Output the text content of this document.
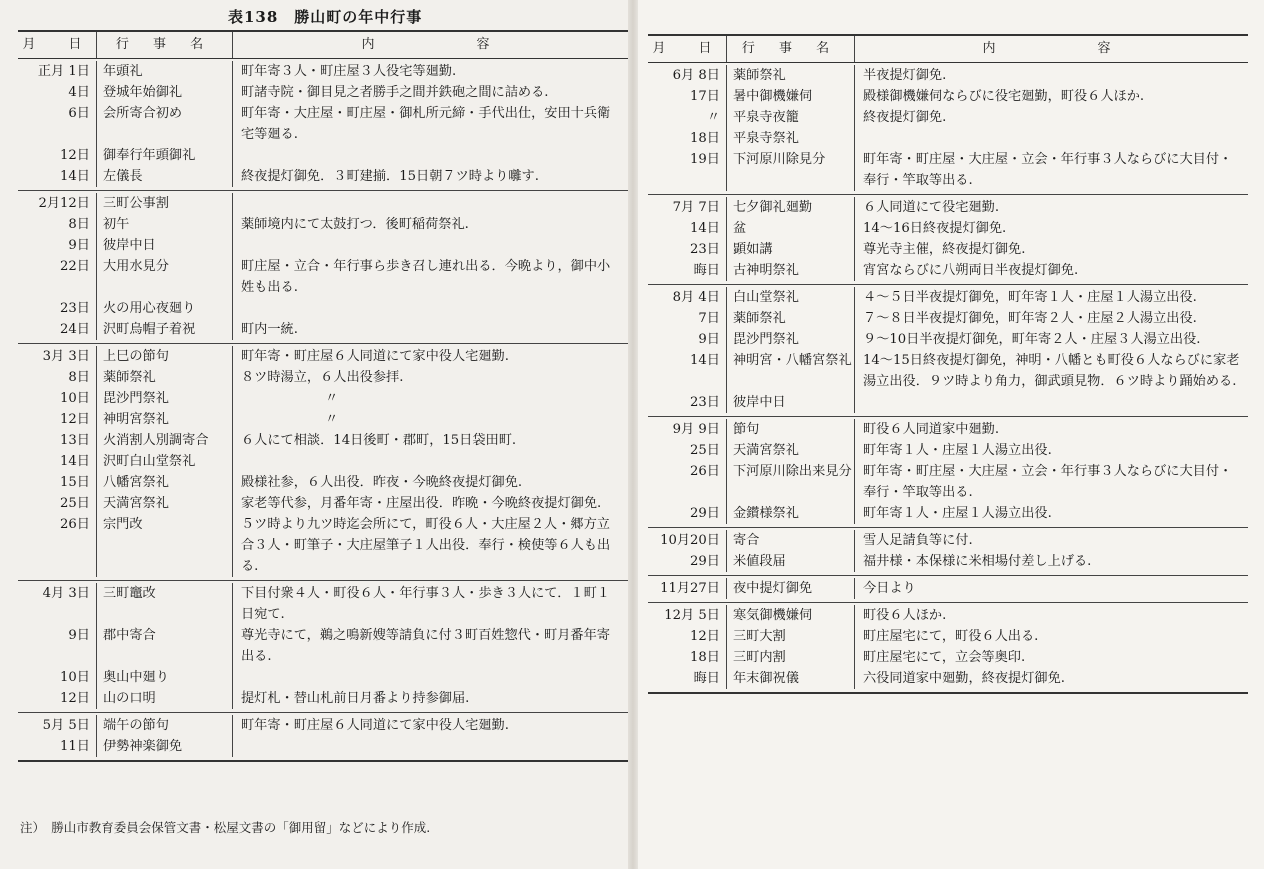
表138　勝山町の年中行事
月　日	行 事 名	内　　　　容
正月 1日 年頭礼	町年寄３人・町庄屋３人役宅等廻勤.
4日 登城年始御礼	町諸寺院・御目見之者勝手之間并鉄砲之間に詰める.
6日 会所寄合初め	町年寄・大庄屋・町庄屋・御札所元締・手代出仕，安田十兵衛宅等廻る.
12日 御奉行年頭御礼
14日 左儀長	終夜提灯御免．３町建揃．15日朝７ツ時より囃す.
2月12日 三町公事割
8日 初午	薬師境内にて太鼓打つ．後町稲荷祭礼.
9日 彼岸中日
22日 大用水見分	町庄屋・立合・年行事ら歩き召し連れ出る．今晩より，御中小姓も出る.
23日 火の用心夜廻り
24日 沢町烏帽子着祝	町内一統.
3月 3日 上巳の節句	町年寄・町庄屋６人同道にて家中役人宅廻勤.
8日 薬師祭礼	８ツ時湯立，６人出役参拝.
10日 毘沙門祭礼	〃
12日 神明宮祭礼	〃
13日 火消割人別調寄合	６人にて相談．14日後町・郡町，15日袋田町.
14日 沢町白山堂祭礼
15日 八幡宮祭礼	殿様社参，６人出役．昨夜・今晩終夜提灯御免.
25日 天満宮祭礼	家老等代参，月番年寄・庄屋出役．昨晩・今晩終夜提灯御免.
26日 宗門改	５ツ時より九ツ時迄会所にて，町役６人・大庄屋２人・郷方立合３人・町筆子・大庄屋筆子１人出役．奉行・検使等６人も出る.
4月 3日 三町竈改	下目付衆４人・町役６人・年行事３人・歩き３人にて．１町１日宛て.
9日 郡中寄合	尊光寺にて，鵜之鳴新嫂等請負に付３町百姓惣代・町月番年寄出る.
10日 奥山中廻り
12日 山の口明	提灯札・替山札前日月番より持参御届.
5月 5日 端午の節句	町年寄・町庄屋６人同道にて家中役人宅廻勤.
11日 伊勢神楽御免
月　日	行 事 名	内　　　　容
6月 8日 薬師祭礼	半夜提灯御免.
17日 暑中御機嫌伺	殿様御機嫌伺ならびに役宅廻勤，町役６人ほか.
〃 平泉寺夜籠	終夜提灯御免.
18日 平泉寺祭礼
19日 下河原川除見分	町年寄・町庄屋・大庄屋・立会・年行事３人ならびに大目付・奉行・竿取等出る.
7月 7日 七夕御礼廻勤	６人同道にて役宅廻勤.
14日 盆	14～16日終夜提灯御免.
23日 顕如講	尊光寺主催，終夜提灯御免.
晦日 古神明祭礼	宵宮ならびに八朔両日半夜提灯御免.
8月 4日 白山堂祭礼	４～５日半夜提灯御免，町年寄１人・庄屋１人湯立出役.
7日 薬師祭礼	７～８日半夜提灯御免，町年寄２人・庄屋２人湯立出役.
9日 毘沙門祭礼	９～10日半夜提灯御免，町年寄２人・庄屋３人湯立出役.
14日 神明宮・八幡宮祭礼 14～15日終夜提灯御免，神明・八幡とも町役６人ならびに家老湯立出役．９ツ時より角力，御武頭見物．６ツ時より踊始める.
23日 彼岸中日
9月 9日 節句	町役６人同道家中廻勤.
25日 天満宮祭礼	町年寄１人・庄屋１人湯立出役.
26日 下河原川除出来見分 町年寄・町庄屋・大庄屋・立会・年行事３人ならびに大目付・奉行・竿取等出る.
29日 金鑚様祭礼	町年寄１人・庄屋１人湯立出役.
10月20日 寄合	雪人足請負等に付.
29日 米値段届	福井様・本保様に米相場付差し上げる.
11月27日 夜中提灯御免	今日より
12月 5日 寒気御機嫌伺	町役６人ほか.
12日 三町大割	町庄屋宅にて，町役６人出る.
18日 三町内割	町庄屋宅にて，立会等奥印.
晦日 年末御祝儀	六役同道家中廻勤，終夜提灯御免.
注）　勝山市教育委員会保管文書・松屋文書の「御用留」などにより作成.
